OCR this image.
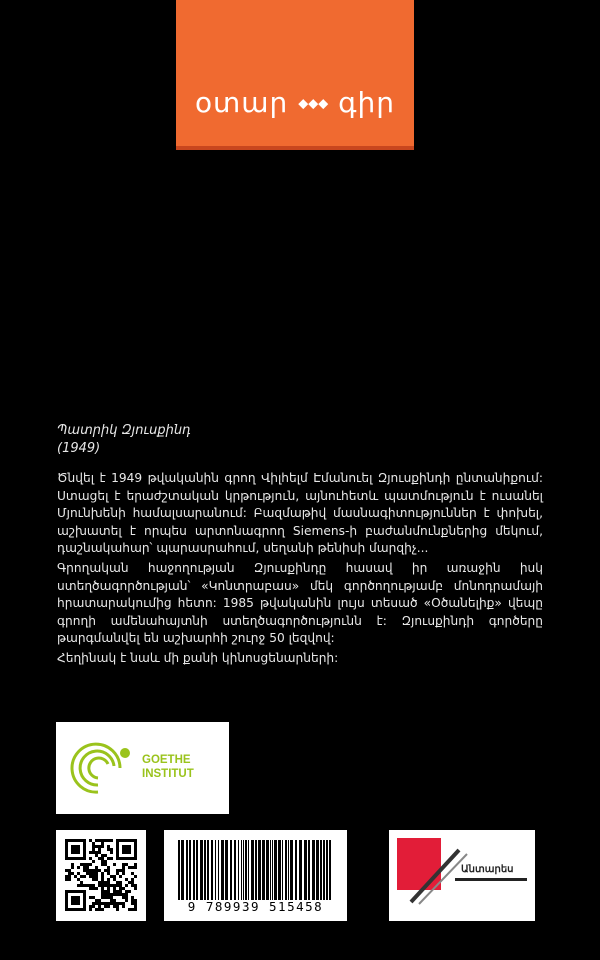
օտար ◆◆◆ գիր
Պատրիկ Զյուսքինդ
(1949)
Ծնվել է 1949 թվականին գրող Վիլհելմ Էմանուել Զյուսքինդի ընտանիքում: Ստացել է երաժշտական կրթություն, այնուհետև պատմություն է ուսանել Մյունխենի համալսարանում: Բազմաթիվ մասնագիտություններ է փոխել, աշխատել է որպես արտոնագրող Siemens-ի բաժանմունքներից մեկում, դաշնակահար՝ պարասրահում, սեղանի թենիսի մարզիչ...
Գրողական հաջողության Զյուսքինդը հասավ իր առաջին իսկ ստեղծագործության՝ «Կոնտրաբաս» մեկ գործողությամբ մոնոդրամայի հրատարակումից հետո: 1985 թվականին լույս տեսած «Օծանելիք» վեպը գրողի ամենահայտնի ստեղծագործությունն է: Զյուսքինդի գործերը թարգմանվել են աշխարհի շուրջ 50 լեզվով:
Հեղինակ է նաև մի քանի կինոսցենարների:
GOETHE
INSTITUT
9 789939 515458
Անտարես
